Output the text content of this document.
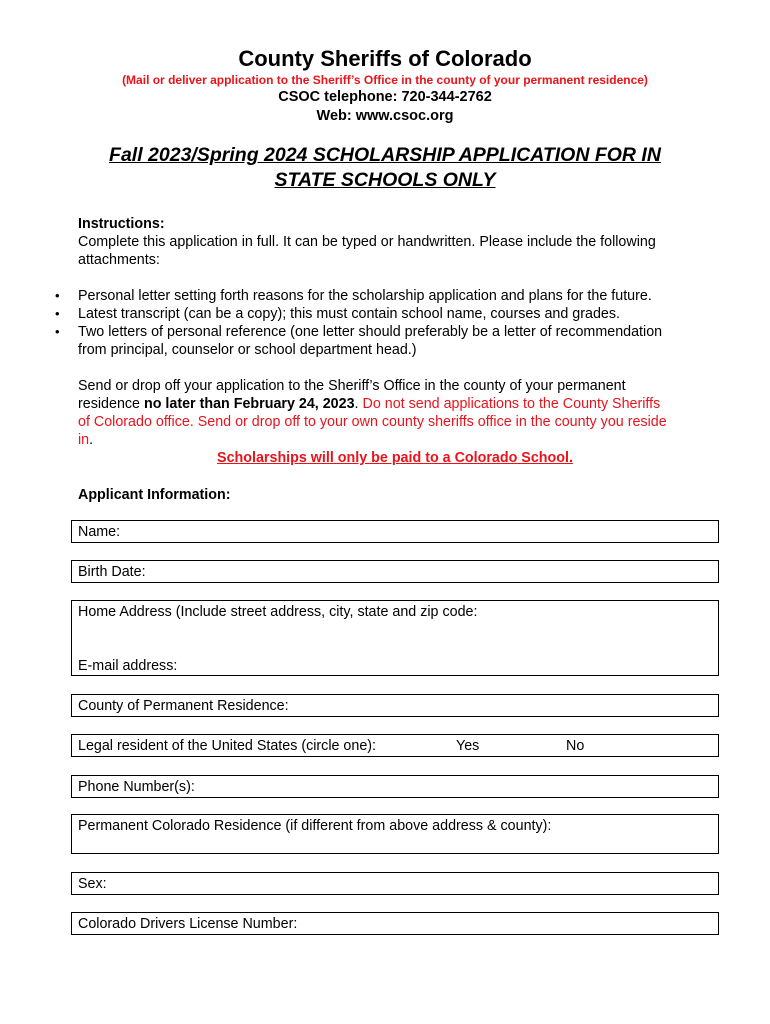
County Sheriffs of Colorado
(Mail or deliver application to the Sheriff’s Office in the county of your permanent residence)
CSOC telephone: 720-344-2762
Web: www.csoc.org
Fall 2023/Spring 2024 SCHOLARSHIP APPLICATION FOR IN
STATE SCHOOLS ONLY
Instructions:
Complete this application in full. It can be typed or handwritten. Please include the following
attachments:
• Personal letter setting forth reasons for the scholarship application and plans for the future.
• Latest transcript (can be a copy); this must contain school name, courses and grades.
• Two letters of personal reference (one letter should preferably be a letter of recommendation
from principal, counselor or school department head.)
Send or drop off your application to the Sheriff’s Office in the county of your permanent
residence no later than February 24, 2023. Do not send applications to the County Sheriffs
of Colorado office. Send or drop off to your own county sheriffs office in the county you reside
in.
Scholarships will only be paid to a Colorado School.
Applicant Information:
Name:
Birth Date:
Home Address (Include street address, city, state and zip code:
E-mail address:
County of Permanent Residence:
Legal resident of the United States (circle one):	Yes	No
Phone Number(s):
Permanent Colorado Residence (if different from above address & county):
Sex:
Colorado Drivers License Number:
